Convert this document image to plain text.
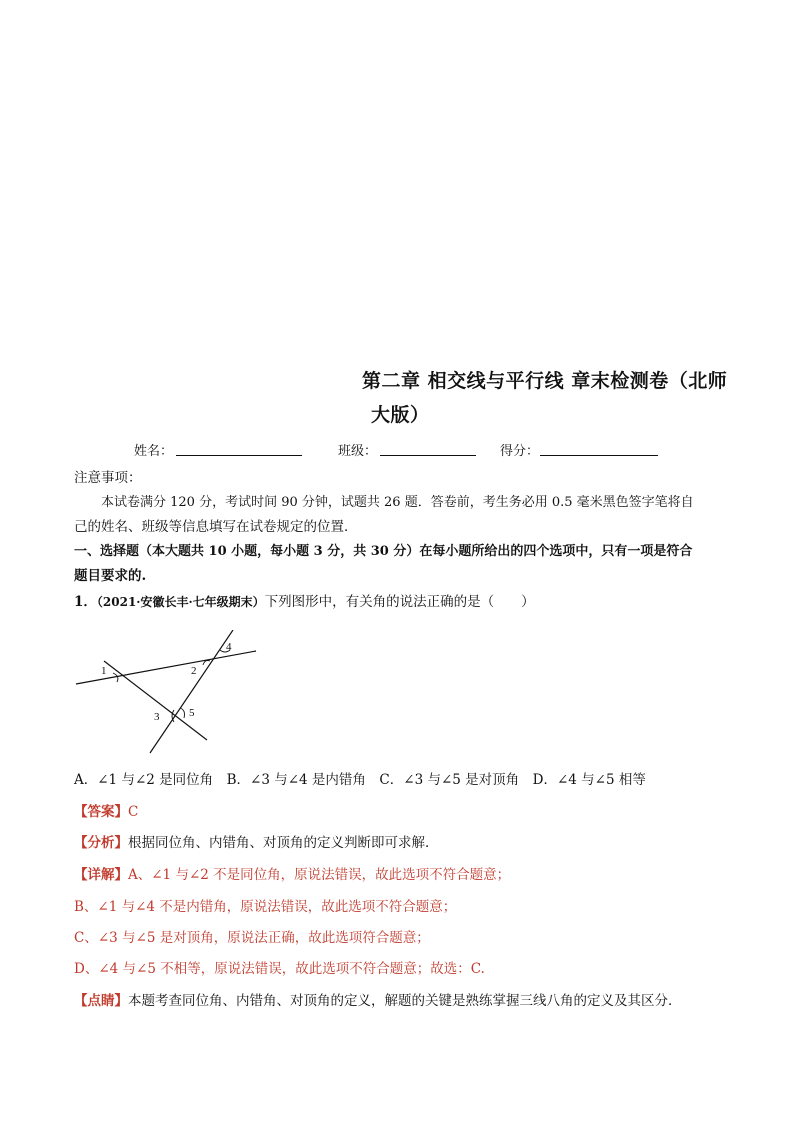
第二章 相交线与平行线 章末检测卷（北师
大版）
姓名：	班级：	得分：
注意事项：
本试卷满分 120 分，考试时间 90 分钟，试题共 26 题．答卷前，考生务必用 0.5 毫米黑色签字笔将自
己的姓名、班级等信息填写在试卷规定的位置．
一、选择题（本大题共 10 小题，每小题 3 分，共 30 分）在每小题所给出的四个选项中，只有一项是符合
题目要求的.
1．（2021·安徽长丰·七年级期末）下列图形中，有关角的说法正确的是（　　）
1	2
3
4
5
A．∠1 与∠2 是同位角　B．∠3 与∠4 是内错角　C．∠3 与∠5 是对顶角　D．∠4 与∠5 相等
【答案】C
【分析】根据同位角、内错角、对顶角的定义判断即可求解．
【详解】A、∠1 与∠2 不是同位角，原说法错误，故此选项不符合题意；
B、∠1 与∠4 不是内错角，原说法错误，故此选项不符合题意；
C、∠3 与∠5 是对顶角，原说法正确，故此选项符合题意；
D、∠4 与∠5 不相等，原说法错误，故此选项不符合题意；故选：C.
【点睛】本题考查同位角、内错角、对顶角的定义，解题的关键是熟练掌握三线八角的定义及其区分．
